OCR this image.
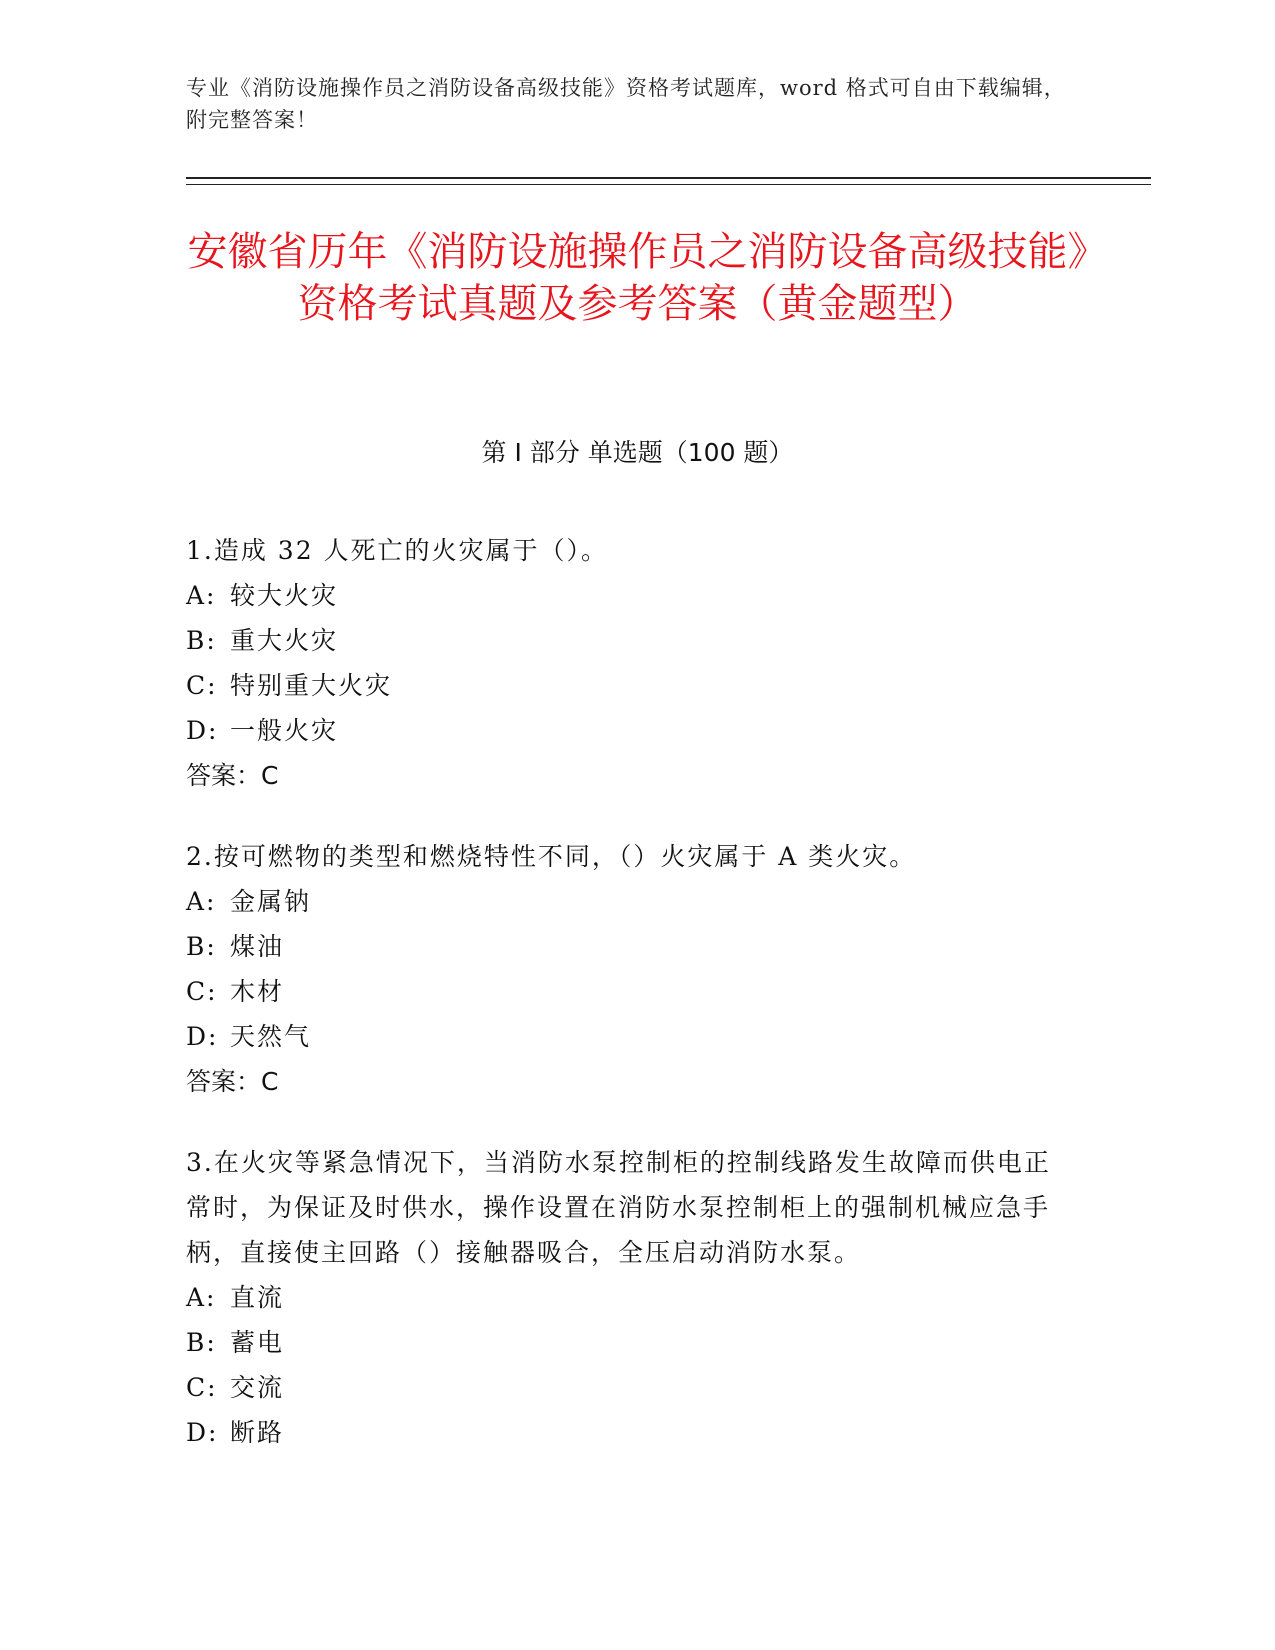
专业《消防设施操作员之消防设备高级技能》资格考试题库，word 格式可自由下载编辑，附完整答案！
安徽省历年《消防设施操作员之消防设备高级技能》资格考试真题及参考答案（黄金题型）
第 I 部分 单选题（100 题）

1.造成 32 人死亡的火灾属于（）。

A: 较大火灾
B: 重大火灾
C: 特别重大火灾
D: 一般火灾
答案：C

2.按可燃物的类型和燃烧特性不同，（）火灾属于 A 类火灾。

A: 金属钠
B: 煤油
C: 木材
D: 天然气
答案：C

3.在火灾等紧急情况下，当消防水泵控制柜的控制线路发生故障而供电正常时，为保证及时供水，操作设置在消防水泵控制柜上的强制机械应急手柄，直接使主回路（）接触器吸合，全压启动消防水泵。

A: 直流
B: 蓄电
C: 交流
D: 断路
